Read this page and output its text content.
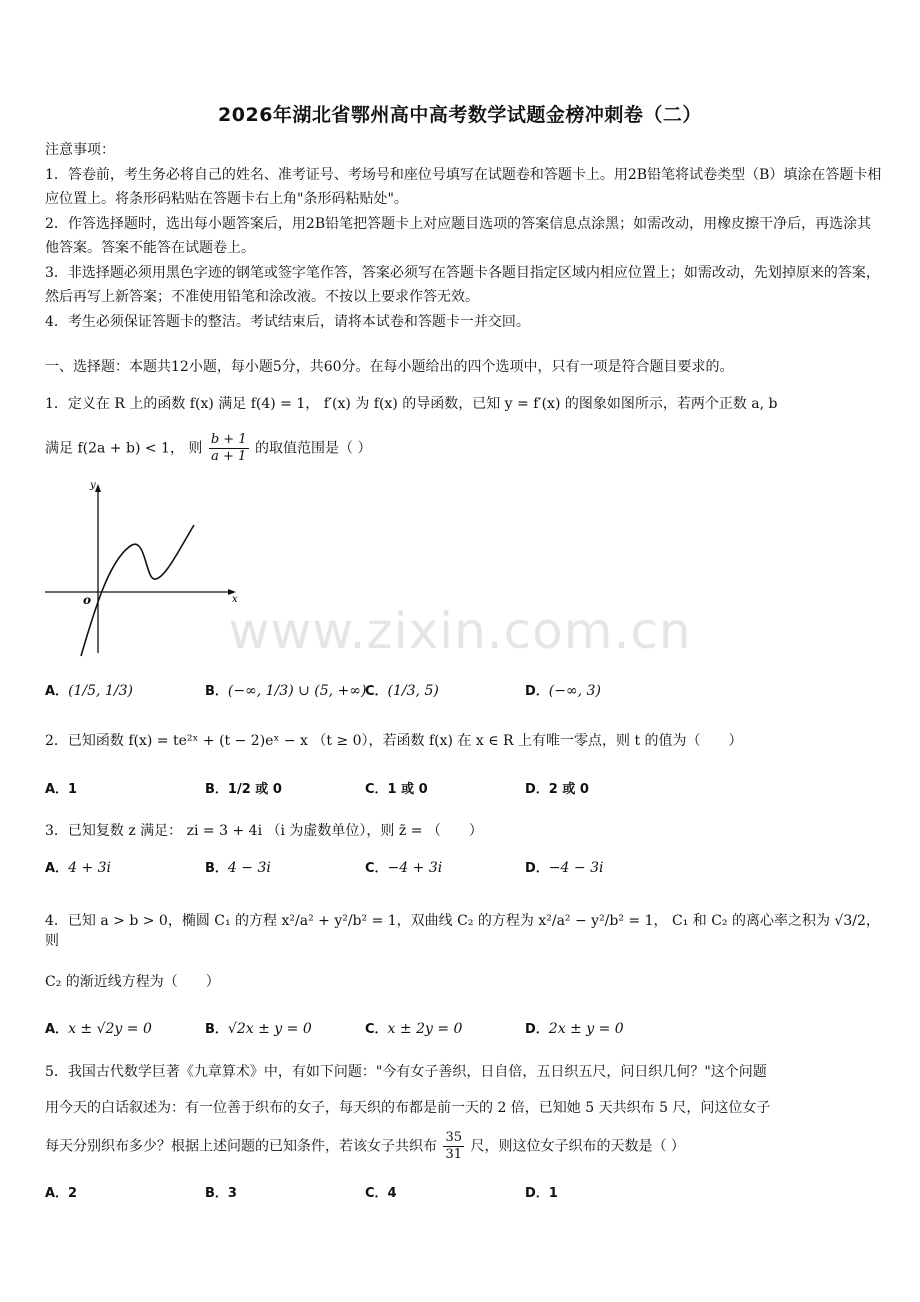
2026年湖北省鄂州高中高考数学试题金榜冲刺卷（二）
注意事项：
1．答卷前，考生务必将自己的姓名、准考证号、考场号和座位号填写在试题卷和答题卡上。用2B铅笔将试卷类型（B）填涂在答题卡相应位置上。将条形码粘贴在答题卡右上角"条形码粘贴处"。
2．作答选择题时，选出每小题答案后，用2B铅笔把答题卡上对应题目选项的答案信息点涂黑；如需改动，用橡皮擦干净后，再选涂其他答案。答案不能答在试题卷上。
3．非选择题必须用黑色字迹的钢笔或签字笔作答，答案必须写在答题卡各题目指定区域内相应位置上；如需改动，先划掉原来的答案，然后再写上新答案；不准使用铅笔和涂改液。不按以上要求作答无效。
4．考生必须保证答题卡的整洁。考试结束后，请将本试卷和答题卡一并交回。
一、选择题：本题共12小题，每小题5分，共60分。在每小题给出的四个选项中，只有一项是符合题目要求的。
1．定义在 R 上的函数 f(x) 满足 f(4) = 1， f′(x) 为 f(x) 的导函数，已知 y = f′(x) 的图象如图所示，若两个正数 a, b
满足 f(2a + b) < 1， 则 $\frac{b + 1}{a + 1}$ 的取值范围是（ ）
y
x
o
www.zixin.com.cn
A．(1/5, 1/3)	B．(−∞, 1/3) ∪ (5, +∞)
C．(1/3, 5)	D．(−∞, 3)
2．已知函数 f(x) = te²ˣ + (t − 2)eˣ − x （t ≥ 0），若函数 f(x) 在 x ∈ R 上有唯一零点，则 t 的值为（　　）
A．1	B．1/2 或 0	C．1 或 0	D．2 或 0
3．已知复数 z 满足： zi = 3 + 4i （i 为虚数单位），则 z̄ = （　　）
A．4 + 3i	B．4 − 3i	C．−4 + 3i	D．−4 − 3i
4．已知 a > b > 0，椭圆 C₁ 的方程 x²/a² + y²/b² = 1，双曲线 C₂ 的方程为 x²/a² − y²/b² = 1， C₁ 和 C₂ 的离心率之积为 √3/2，则
C₂ 的渐近线方程为（　　）
A．x ± √2y = 0	B．√2x ± y = 0	C．x ± 2y = 0	D．2x ± y = 0
5．我国古代数学巨著《九章算术》中，有如下问题："今有女子善织，日自倍，五日织五尺，问日织几何？"这个问题
用今天的白话叙述为：有一位善于织布的女子，每天织的布都是前一天的 2 倍，已知她 5 天共织布 5 尺，问这位女子
每天分别织布多少？根据上述问题的已知条件，若该女子共织布 $\frac{35}{31}$ 尺，则这位女子织布的天数是（ ）
A．2	B．3	C．4	D．1
